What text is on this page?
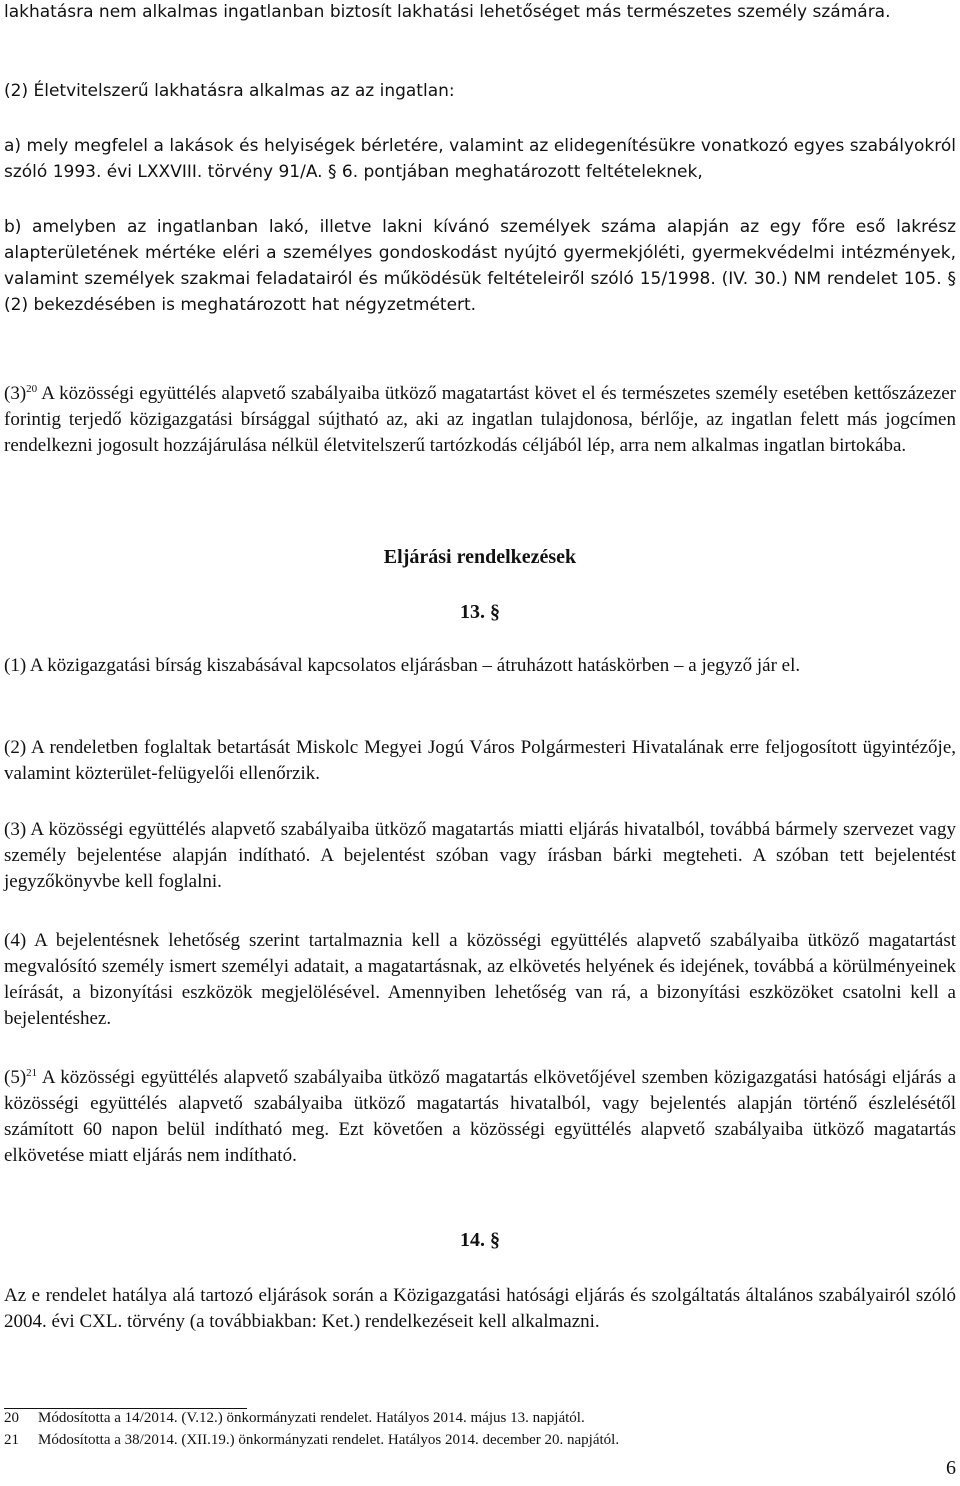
lakhatásra nem alkalmas ingatlanban biztosít lakhatási lehetőséget más természetes személy számára.

(2) Életvitelszerű lakhatásra alkalmas az az ingatlan:

a) mely megfelel a lakások és helyiségek bérletére, valamint az elidegenítésükre vonatkozó egyes szabályokról szóló 1993. évi LXXVIII. törvény 91/A. § 6. pontjában meghatározott feltételeknek,

b) amelyben az ingatlanban lakó, illetve lakni kívánó személyek száma alapján az egy főre eső lakrész alapterületének mértéke eléri a személyes gondoskodást nyújtó gyermekjóléti, gyermekvédelmi intézmények, valamint személyek szakmai feladatairól és működésük feltételeiről szóló 15/1998. (IV. 30.) NM rendelet 105. § (2) bekezdésében is meghatározott hat négyzetmétert.

$(3)^{20}$ A közösségi együttélés alapvető szabályaiba ütköző magatartást követ el és természetes személy esetében kettőszázezer forintig terjedő közigazgatási bírsággal sújtható az, aki az ingatlan tulajdonosa, bérlője, az ingatlan felett más jogcímen rendelkezni jogosult hozzájárulása nélkül életvitelszerű tartózkodás céljából lép, arra nem alkalmas ingatlan birtokába.

Eljárási rendelkezések
13. §

(1) A közigazgatási bírság kiszabásával kapcsolatos eljárásban – átruházott hatáskörben – a jegyző jár el.

(2) A rendeletben foglaltak betartását Miskolc Megyei Jogú Város Polgármesteri Hivatalának erre feljogosított ügyintézője, valamint közterület-felügyelői ellenőrzik.

(3) A közösségi együttélés alapvető szabályaiba ütköző magatartás miatti eljárás hivatalból, továbbá bármely szervezet vagy személy bejelentése alapján indítható. A bejelentést szóban vagy írásban bárki megteheti. A szóban tett bejelentést jegyzőkönyvbe kell foglalni.

(4) A bejelentésnek lehetőség szerint tartalmaznia kell a közösségi együttélés alapvető szabályaiba ütköző magatartást megvalósító személy ismert személyi adatait, a magatartásnak, az elkövetés helyének és idejének, továbbá a körülményeinek leírását, a bizonyítási eszközök megjelölésével. Amennyiben lehetőség van rá, a bizonyítási eszközöket csatolni kell a bejelentéshez.

$(5)^{21}$ A közösségi együttélés alapvető szabályaiba ütköző magatartás elkövetőjével szemben közigazgatási hatósági eljárás a közösségi együttélés alapvető szabályaiba ütköző magatartás hivatalból, vagy bejelentés alapján történő észlelésétől számított 60 napon belül indítható meg. Ezt követően a közösségi együttélés alapvető szabályaiba ütköző magatartás elkövetése miatt eljárás nem indítható.

14. §

Az e rendelet hatálya alá tartozó eljárások során a Közigazgatási hatósági eljárás és szolgáltatás általános szabályairól szóló 2004. évi CXL. törvény (a továbbiakban: Ket.) rendelkezéseit kell alkalmazni.

20 Módosította a 14/2014. (V.12.) önkormányzati rendelet. Hatályos 2014. május 13. napjától.

21 Módosította a 38/2014. (XII.19.) önkormányzati rendelet. Hatályos 2014. december 20. napjától.

6
